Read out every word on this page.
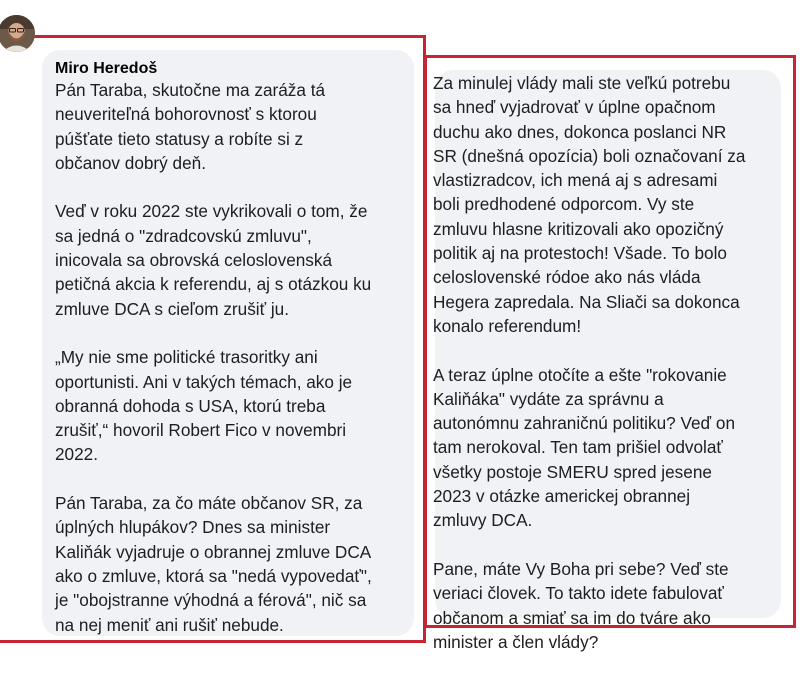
Miro Heredoš
Pán Taraba, skutočne ma zaráža tá
neuveriteľná bohorovnosť s ktorou
púšťate tieto statusy a robíte si z
občanov dobrý deň.

Veď v roku 2022 ste vykrikovali o tom, že
sa jedná o "zdradcovskú zmluvu",
inicovala sa obrovská celoslovenská
petičná akcia k referendu, aj s otázkou ku
zmluve DCA s cieľom zrušiť ju.

„My nie sme politické trasoritky ani
oportunisti. Ani v takých témach, ako je
obranná dohoda s USA, ktorú treba
zrušiť,“ hovoril Robert Fico v novembri
2022.

Pán Taraba, za čo máte občanov SR, za
úplných hlupákov? Dnes sa minister
Kaliňák vyjadruje o obrannej zmluve DCA
ako o zmluve, ktorá sa "nedá vypovedať",
je "obojstranne výhodná a férová", nič sa
na nej meniť ani rušiť nebude.
Za minulej vlády mali ste veľkú potrebu
sa hneď vyjadrovať v úplne opačnom
duchu ako dnes, dokonca poslanci NR
SR (dnešná opozícia) boli označovaní za
vlastizradcov, ich mená aj s adresami
boli predhodené odporcom. Vy ste
zmluvu hlasne kritizovali ako opozičný
politik aj na protestoch! Všade. To bolo
celoslovenské ródoe ako nás vláda
Hegera zapredala. Na Sliači sa dokonca
konalo referendum!

A teraz úplne otočíte a ešte "rokovanie
Kaliňáka" vydáte za správnu a
autonómnu zahraničnú politiku? Veď on
tam nerokoval. Ten tam prišiel odvolať
všetky postoje SMERU spred jesene
2023 v otázke americkej obrannej
zmluvy DCA.

Pane, máte Vy Boha pri sebe? Veď ste
veriaci človek. To takto idete fabulovať
občanom a smiať sa im do tváre ako
minister a člen vlády?
